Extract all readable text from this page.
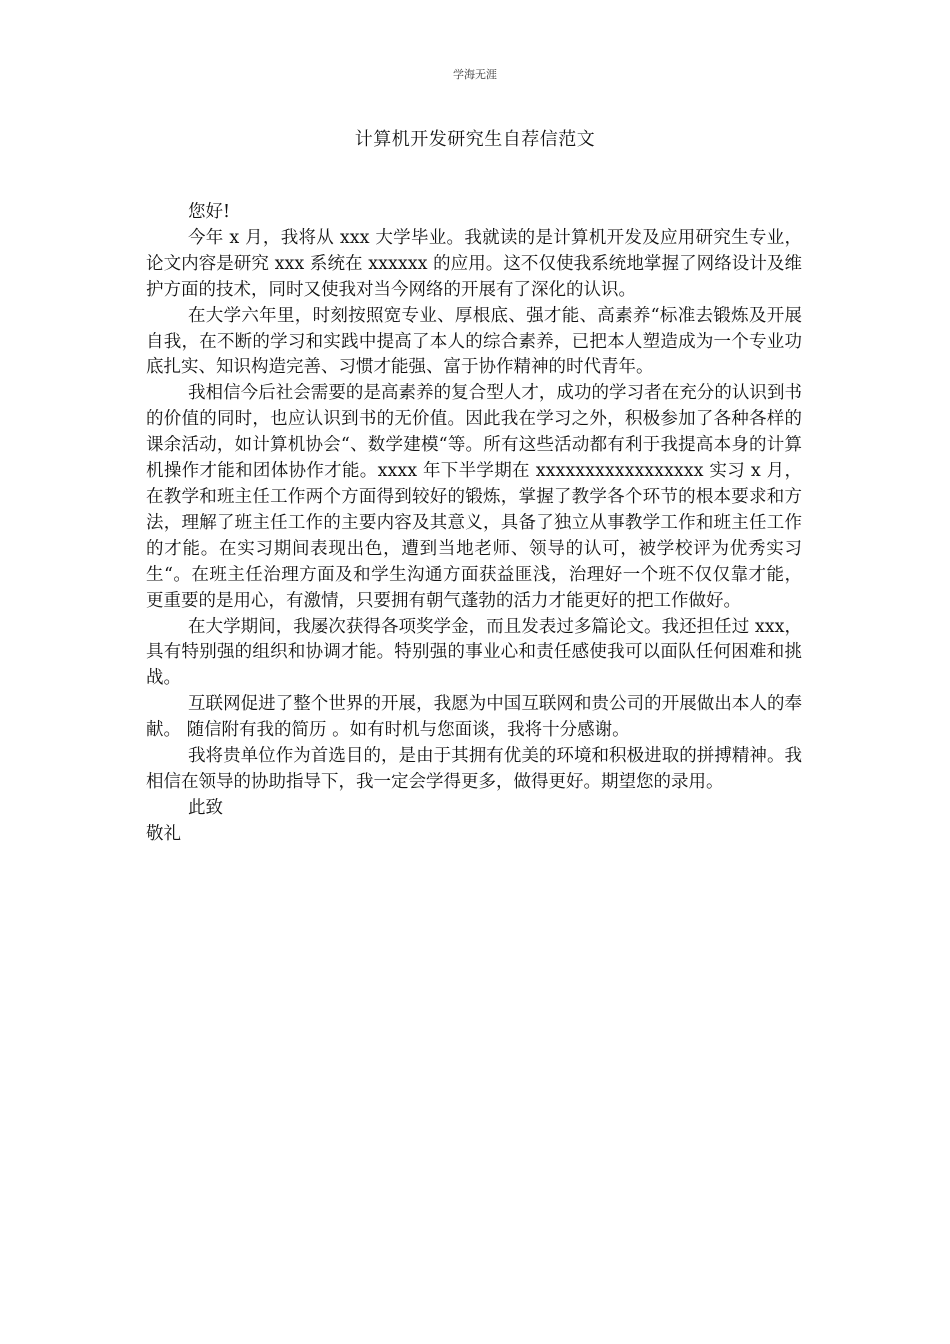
学海无涯
计算机开发研究生自荐信范文

您好!

今年 x 月，我将从 xxx 大学毕业。我就读的是计算机开发及应用研究生专业，论文内容是研究 xxx 系统在 xxxxxx 的应用。这不仅使我系统地掌握了网络设计及维护方面的技术，同时又使我对当今网络的开展有了深化的认识。

在大学六年里，时刻按照宽专业、厚根底、强才能、高素养“标准去锻炼及开展自我，在不断的学习和实践中提高了本人的综合素养，已把本人塑造成为一个专业功底扎实、知识构造完善、习惯才能强、富于协作精神的时代青年。

我相信今后社会需要的是高素养的复合型人才，成功的学习者在充分的认识到书的价值的同时，也应认识到书的无价值。因此我在学习之外，积极参加了各种各样的课余活动，如计算机协会“、数学建模“等。所有这些活动都有利于我提高本身的计算机操作才能和团体协作才能。xxxx 年下半学期在 xxxxxxxxxxxxxxxxx 实习 x 月，在教学和班主任工作两个方面得到较好的锻炼，掌握了教学各个环节的根本要求和方法，理解了班主任工作的主要内容及其意义，具备了独立从事教学工作和班主任工作的才能。在实习期间表现出色，遭到当地老师、领导的认可，被学校评为优秀实习生“。在班主任治理方面及和学生沟通方面获益匪浅，治理好一个班不仅仅靠才能，更重要的是用心，有激情，只要拥有朝气蓬勃的活力才能更好的把工作做好。

在大学期间，我屡次获得各项奖学金，而且发表过多篇论文。我还担任过 xxx，具有特别强的组织和协调才能。特别强的事业心和责任感使我可以面队任何困难和挑战。

互联网促进了整个世界的开展，我愿为中国互联网和贵公司的开展做出本人的奉献。 随信附有我的简历 。如有时机与您面谈，我将十分感谢。

我将贵单位作为首选目的，是由于其拥有优美的环境和积极进取的拼搏精神。我相信在领导的协助指导下，我一定会学得更多，做得更好。期望您的录用。

此致

敬礼
